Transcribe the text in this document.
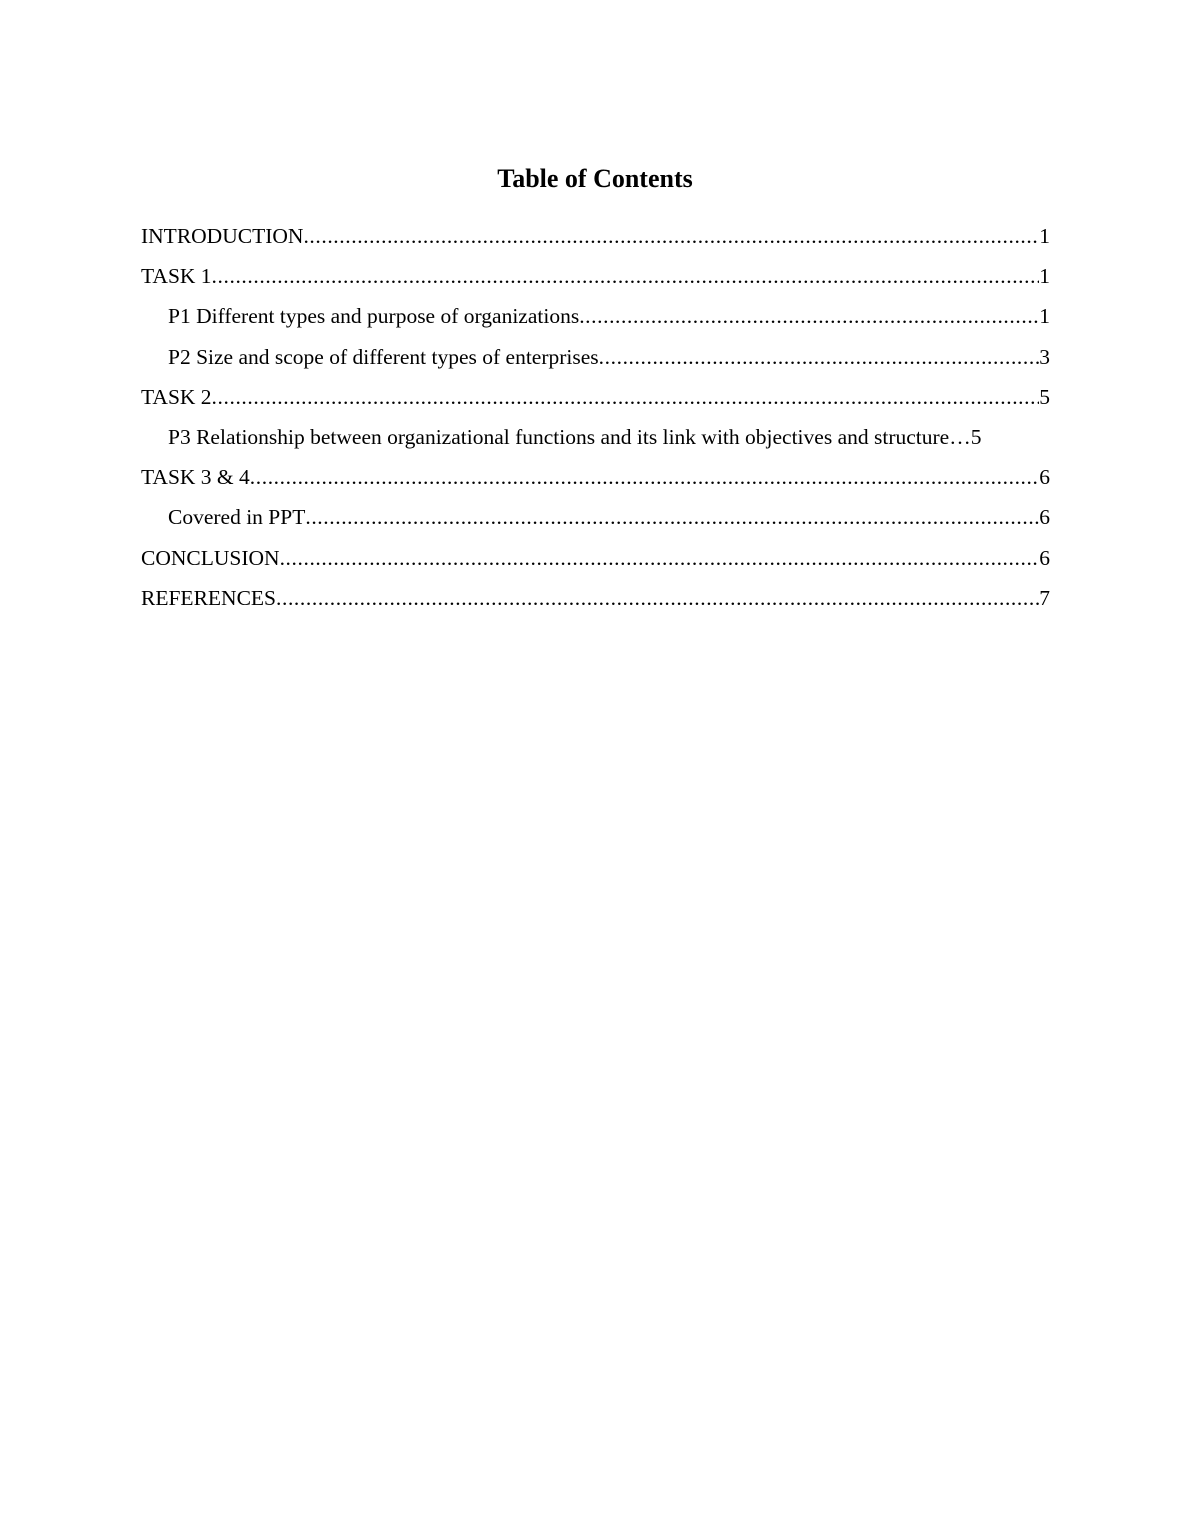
Table of Contents
INTRODUCTION .....	1
TASK 1 .....	1
P1 Different types and purpose of organizations .....	1
P2 Size and scope of different types of enterprises .....	3
TASK 2 .....	5
P3 Relationship between organizational functions and its link with objectives and structure … 5
TASK 3 & 4 .....	6
Covered in PPT .....	6
CONCLUSION .....	6
REFERENCES .....	7
